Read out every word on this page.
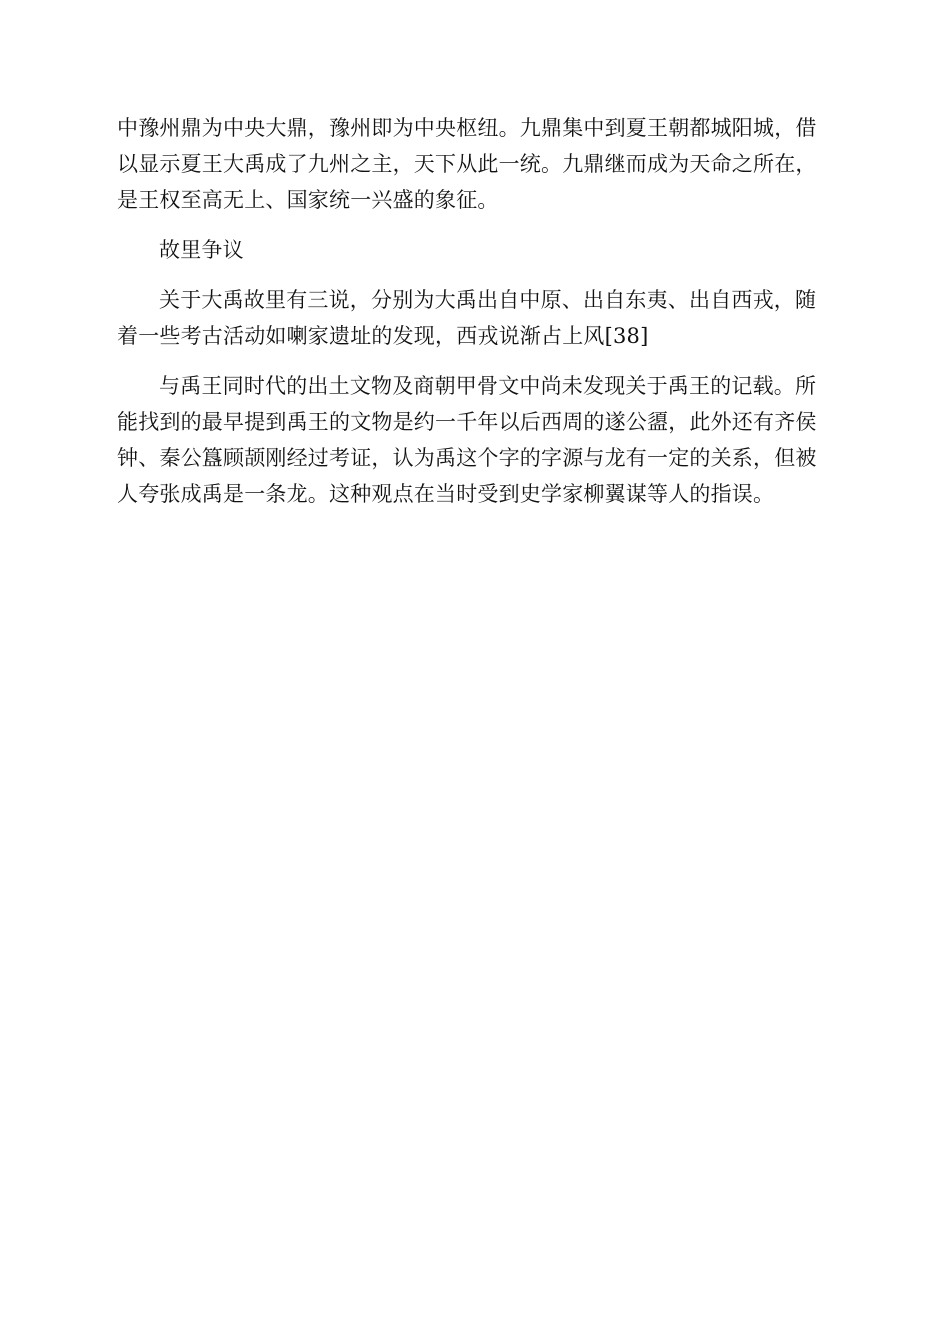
中豫州鼎为中央大鼎，豫州即为中央枢纽。九鼎集中到夏王朝都城阳城，借以显示夏王大禹成了九州之主，天下从此一统。九鼎继而成为天命之所在，是王权至高无上、国家统一兴盛的象征。

故里争议

关于大禹故里有三说，分别为大禹出自中原、出自东夷、出自西戎，随着一些考古活动如喇家遗址的发现，西戎说渐占上风[38]

与禹王同时代的出土文物及商朝甲骨文中尚未发现关于禹王的记载。所能找到的最早提到禹王的文物是约一千年以后西周的遂公盨，此外还有齐侯钟、秦公簋顾颉刚经过考证，认为禹这个字的字源与龙有一定的关系，但被人夸张成禹是一条龙。这种观点在当时受到史学家柳翼谋等人的指误。
